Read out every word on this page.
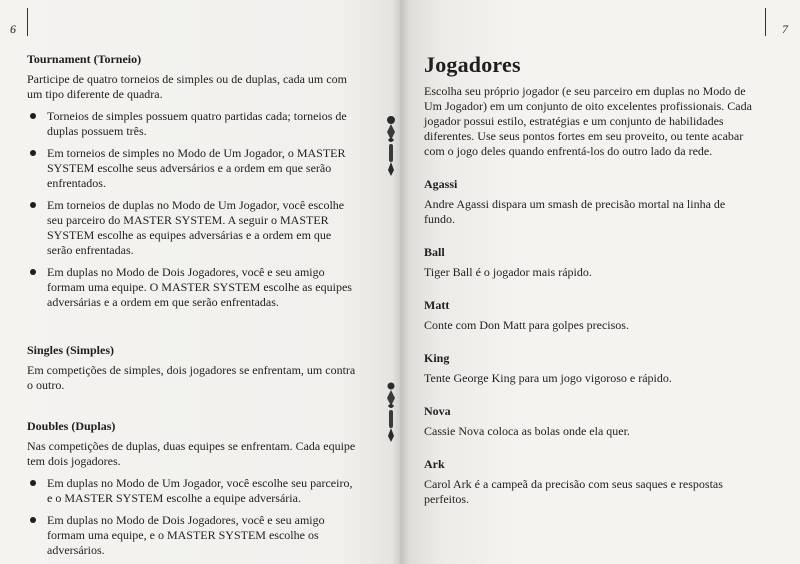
6
Tournament (Torneio)

Participe de quatro torneios de simples ou de duplas, cada um com um tipo diferente de quadra.

Torneios de simples possuem quatro partidas cada; torneios de duplas possuem três.
Em torneios de simples no Modo de Um Jogador, o MASTER SYSTEM escolhe seus adversários e a ordem em que serão enfrentados.
Em torneios de duplas no Modo de Um Jogador, você escolhe seu parceiro do MASTER SYSTEM. A seguir o MASTER SYSTEM escolhe as equipes adversárias e a ordem em que serão enfrentadas.
Em duplas no Modo de Dois Jogadores, você e seu amigo formam uma equipe. O MASTER SYSTEM escolhe as equipes adversárias e a ordem em que serão enfrentadas.
Singles (Simples)

Em competições de simples, dois jogadores se enfrentam, um contra o outro.

Doubles (Duplas)

Nas competições de duplas, duas equipes se enfrentam. Cada equipe tem dois jogadores.

Em duplas no Modo de Um Jogador, você escolhe seu parceiro, e o MASTER SYSTEM escolhe a equipe adversária.
Em duplas no Modo de Dois Jogadores, você e seu amigo formam uma equipe, e o MASTER SYSTEM escolhe os adversários.
7
Jogadores

Escolha seu próprio jogador (e seu parceiro em duplas no Modo de Um Jogador) em um conjunto de oito excelentes profissionais. Cada jogador possui estilo, estratégias e um conjunto de habilidades diferentes. Use seus pontos fortes em seu proveito, ou tente acabar com o jogo deles quando enfrentá-los do outro lado da rede.

Agassi

Andre Agassi dispara um smash de precisão mortal na linha de fundo.

Ball

Tiger Ball é o jogador mais rápido.

Matt

Conte com Don Matt para golpes precisos.

King

Tente George King para um jogo vigoroso e rápido.

Nova

Cassie Nova coloca as bolas onde ela quer.

Ark

Carol Ark é a campeã da precisão com seus saques e respostas perfeitos.
